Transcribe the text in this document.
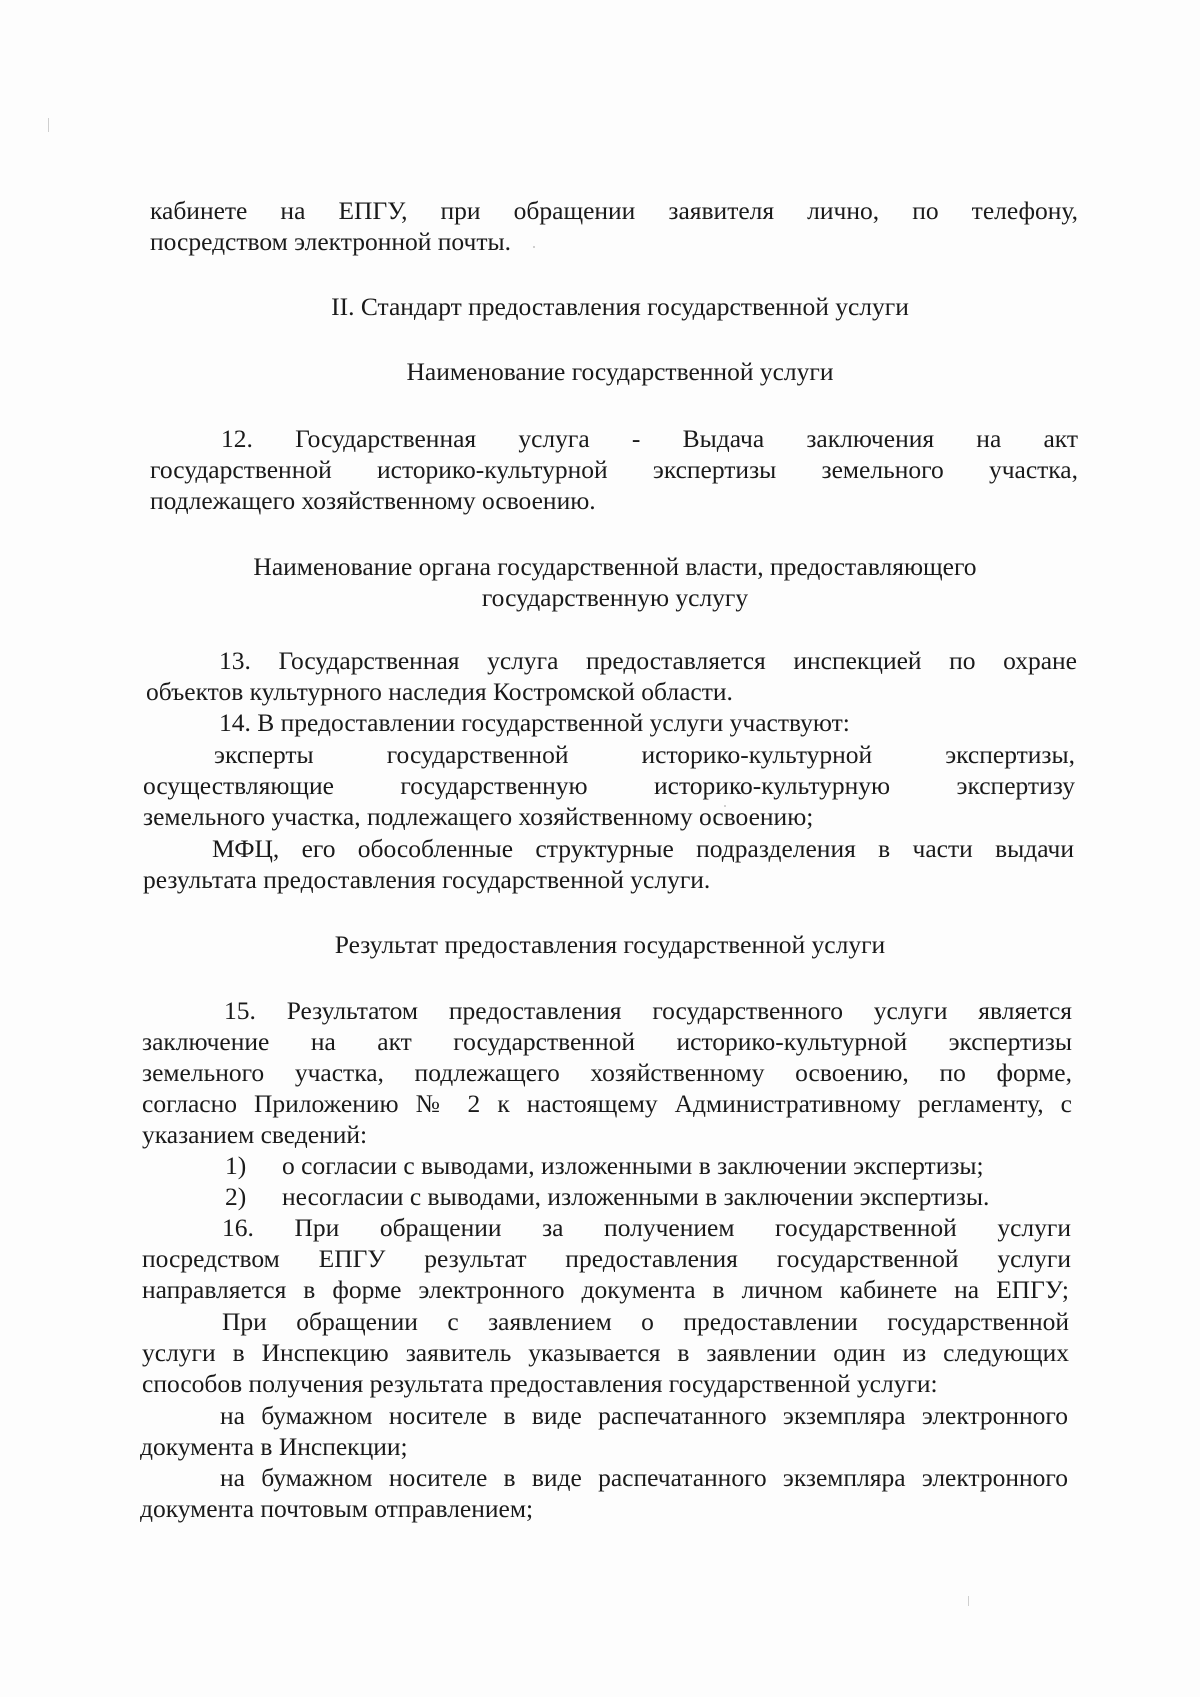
кабинете на ЕПГУ, при обращении заявителя лично, по телефону,
посредством электронной почты.
II. Стандарт предоставления государственной услуги
Наименование государственной услуги
12. Государственная услуга - Выдача заключения на акт
государственной историко-культурной экспертизы земельного участка,
подлежащего хозяйственному освоению.
Наименование органа государственной власти, предоставляющего
государственную услугу
13. Государственная услуга предоставляется инспекцией по охране
объектов культурного наследия Костромской области.
14. В предоставлении государственной услуги участвуют:
эксперты государственной историко-культурной экспертизы,
осуществляющие государственную историко-культурную экспертизу
земельного участка, подлежащего хозяйственному освоению;
МФЦ, его обособленные структурные подразделения в части выдачи
результата предоставления государственной услуги.
Результат предоставления государственной услуги
15. Результатом предоставления государственного услуги является
заключение на акт государственной историко-культурной экспертизы
земельного участка, подлежащего хозяйственному освоению, по форме,
согласно Приложению № 2 к настоящему Административному регламенту, с
указанием сведений:
1) о согласии с выводами, изложенными в заключении экспертизы;
2) несогласии с выводами, изложенными в заключении экспертизы.
16. При обращении за получением государственной услуги
посредством ЕПГУ результат предоставления государственной услуги
направляется в форме электронного документа в личном кабинете на ЕПГУ;
При обращении с заявлением о предоставлении государственной
услуги в Инспекцию заявитель указывается в заявлении один из следующих
способов получения результата предоставления государственной услуги:
на бумажном носителе в виде распечатанного экземпляра электронного
документа в Инспекции;
на бумажном носителе в виде распечатанного экземпляра электронного
документа почтовым отправлением;
